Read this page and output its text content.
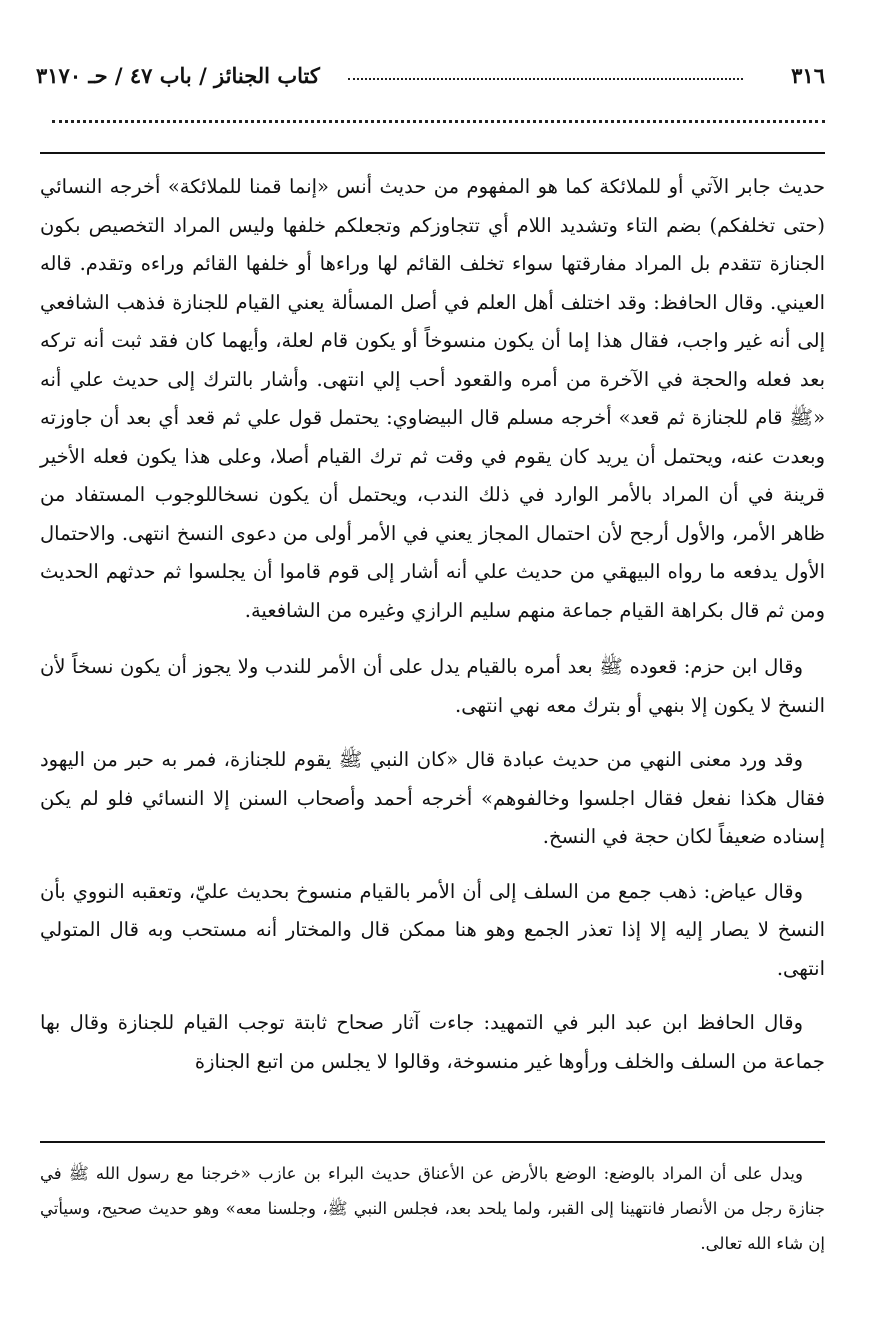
٣١٦
كتاب الجنائز / باب ٤٧ / حـ ٣١٧٠

حديث جابر الآتي أو للملائكة كما هو المفهوم من حديث أنس «إنما قمنا للملائكة» أخرجه النسائي (حتى تخلفكم) بضم التاء وتشديد اللام أي تتجاوزكم وتجعلكم خلفها وليس المراد التخصيص بكون الجنازة تتقدم بل المراد مفارقتها سواء تخلف القائم لها وراءها أو خلفها القائم وراءه وتقدم. قاله العيني. وقال الحافظ: وقد اختلف أهل العلم في أصل المسألة يعني القيام للجنازة فذهب الشافعي إلى أنه غير واجب، فقال هذا إما أن يكون منسوخاً أو يكون قام لعلة، وأيهما كان فقد ثبت أنه تركه بعد فعله والحجة في الآخرة من أمره والقعود أحب إلي انتهى. وأشار بالترك إلى حديث علي أنه «ﷺ قام للجنازة ثم قعد» أخرجه مسلم قال البيضاوي: يحتمل قول علي ثم قعد أي بعد أن جاوزته وبعدت عنه، ويحتمل أن يريد كان يقوم في وقت ثم ترك القيام أصلا، وعلى هذا يكون فعله الأخير قرينة في أن المراد بالأمر الوارد في ذلك الندب، ويحتمل أن يكون نسخاللوجوب المستفاد من ظاهر الأمر، والأول أرجح لأن احتمال المجاز يعني في الأمر أولى من دعوى النسخ انتهى. والاحتمال الأول يدفعه ما رواه البيهقي من حديث علي أنه أشار إلى قوم قاموا أن يجلسوا ثم حدثهم الحديث ومن ثم قال بكراهة القيام جماعة منهم سليم الرازي وغيره من الشافعية.

وقال ابن حزم: قعوده ﷺ بعد أمره بالقيام يدل على أن الأمر للندب ولا يجوز أن يكون نسخاً لأن النسخ لا يكون إلا بنهي أو بترك معه نهي انتهى.

وقد ورد معنى النهي من حديث عبادة قال «كان النبي ﷺ يقوم للجنازة، فمر به حبر من اليهود فقال هكذا نفعل فقال اجلسوا وخالفوهم» أخرجه أحمد وأصحاب السنن إلا النسائي فلو لم يكن إسناده ضعيفاً لكان حجة في النسخ.

وقال عياض: ذهب جمع من السلف إلى أن الأمر بالقيام منسوخ بحديث عليّ، وتعقبه النووي بأن النسخ لا يصار إليه إلا إذا تعذر الجمع وهو هنا ممكن قال والمختار أنه مستحب وبه قال المتولي انتهى.

وقال الحافظ ابن عبد البر في التمهيد: جاءت آثار صحاح ثابتة توجب القيام للجنازة وقال بها جماعة من السلف والخلف ورأوها غير منسوخة، وقالوا لا يجلس من اتبع الجنازة

ويدل على أن المراد بالوضع: الوضع بالأرض عن الأعناق حديث البراء بن عازب «خرجنا مع رسول الله ﷺ في جنازة رجل من الأنصار فانتهينا إلى القبر، ولما يلحد بعد، فجلس النبي ﷺ، وجلسنا معه» وهو حديث صحيح، وسيأتي إن شاء الله تعالى.
